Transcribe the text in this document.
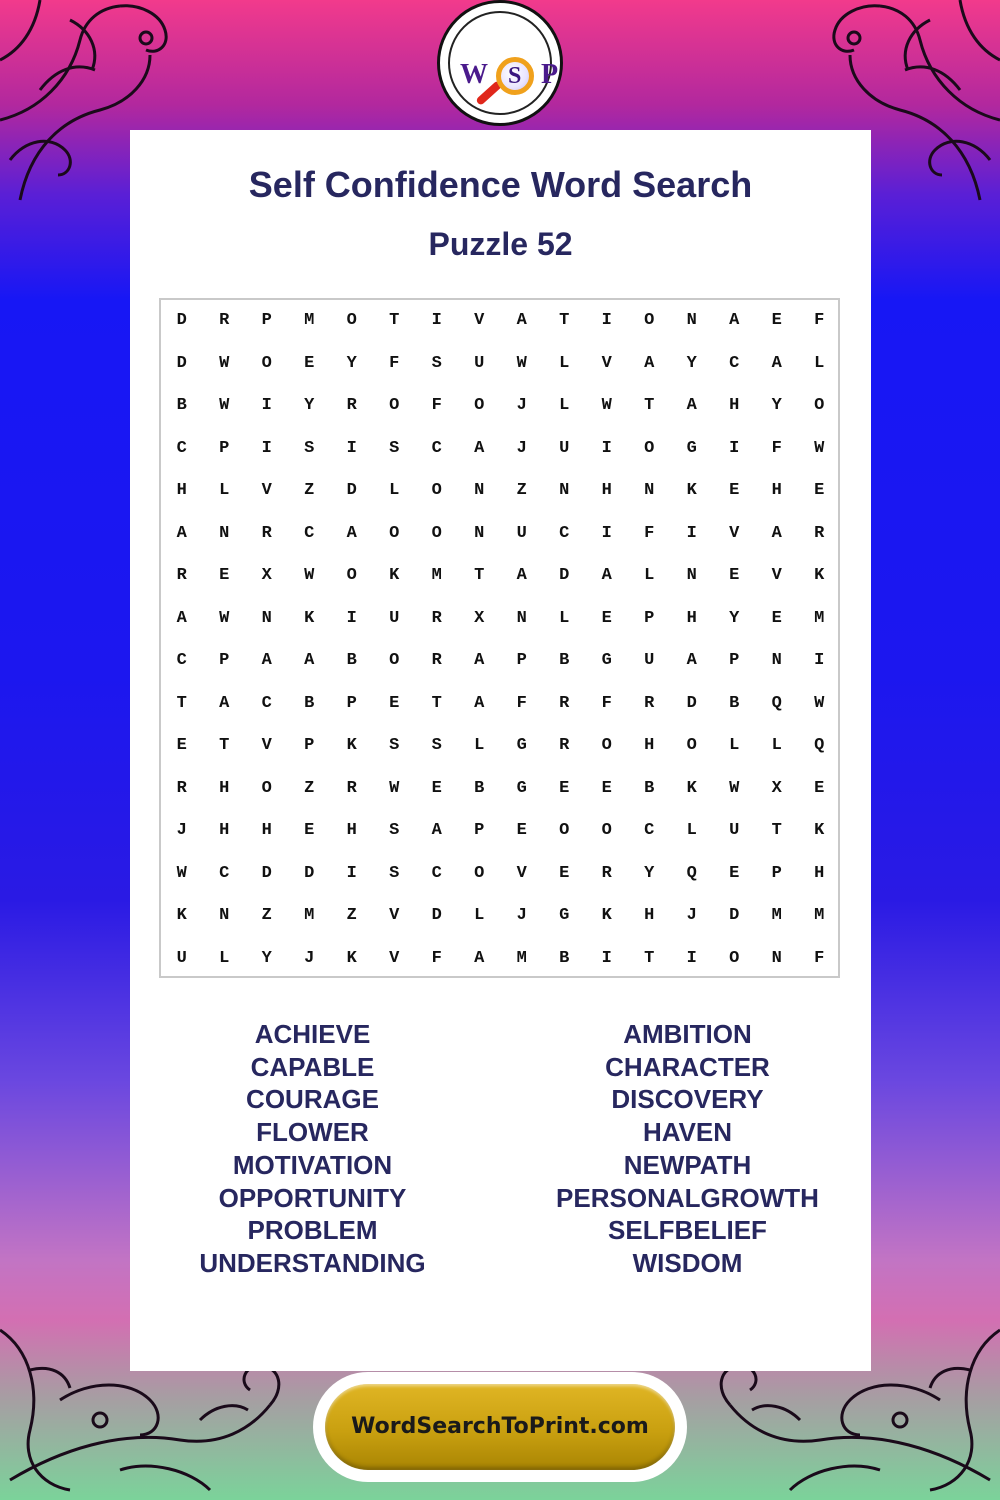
W S P
Self Confidence Word Search
Puzzle 52
D	R	P	M	O	T	I	V	A	T	I	O	N	A	E	F
D	W	O	E	Y	F	S	U	W	L	V	A	Y	C	A	L
B	W	I	Y	R	O	F	O	J	L	W	T	A	H	Y	O
C	P	I	S	I	S	C	A	J	U	I	O	G	I	F	W
H	L	V	Z	D	L	O	N	Z	N	H	N	K	E	H	E
A	N	R	C	A	O	O	N	U	C	I	F	I	V	A	R
R	E	X	W	O	K	M	T	A	D	A	L	N	E	V	K
A	W	N	K	I	U	R	X	N	L	E	P	H	Y	E	M
C	P	A	A	B	O	R	A	P	B	G	U	A	P	N	I
T	A	C	B	P	E	T	A	F	R	F	R	D	B	Q	W
E	T	V	P	K	S	S	L	G	R	O	H	O	L	L	Q
R	H	O	Z	R	W	E	B	G	E	E	B	K	W	X	E
J	H	H	E	H	S	A	P	E	O	O	C	L	U	T	K
W	C	D	D	I	S	C	O	V	E	R	Y	Q	E	P	H
K	N	Z	M	Z	V	D	L	J	G	K	H	J	D	M	M
U	L	Y	J	K	V	F	A	M	B	I	T	I	O	N	F
ACHIEVE
CAPABLE
COURAGE
FLOWER
MOTIVATION
OPPORTUNITY
PROBLEM
UNDERSTANDING
AMBITION
CHARACTER
DISCOVERY
HAVEN
NEWPATH
PERSONALGROWTH
SELFBELIEF
WISDOM
WordSearchToPrint.com
